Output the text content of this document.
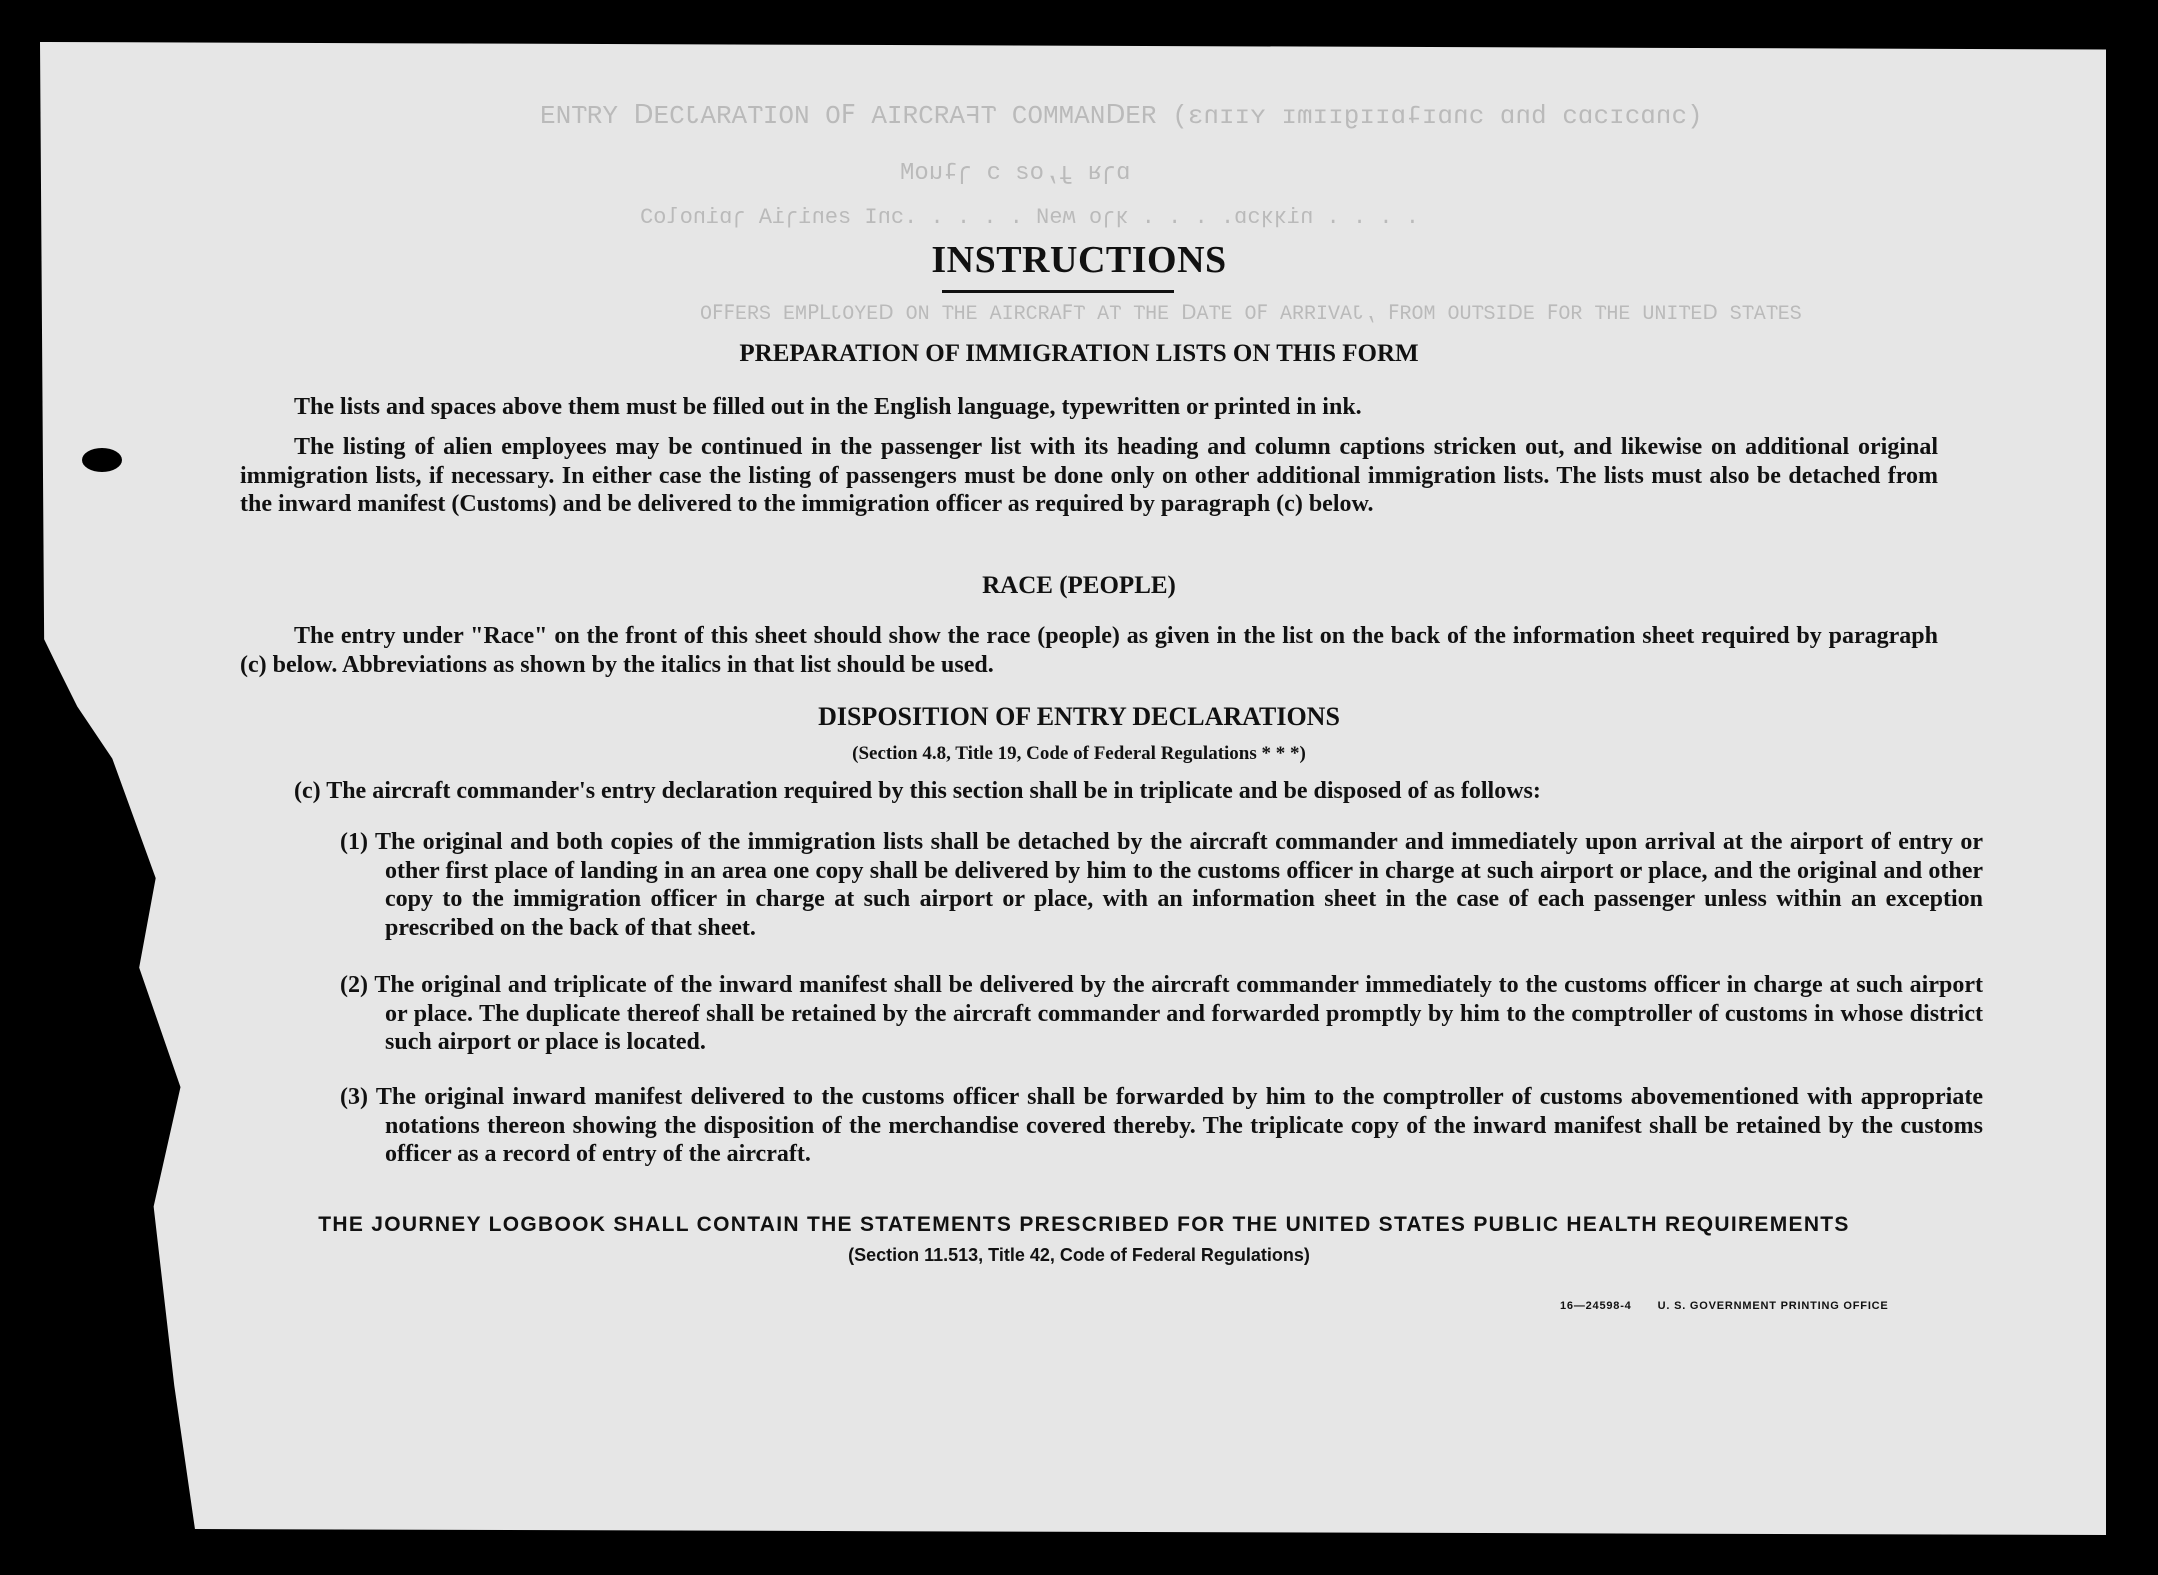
(ɔnɒɔɪɔɒɔ bnɒ ɔnɒɪʇɒɪɪgɪɪmɪ ʏɪɪnɜ) ЯƎᗡИAMMOƆ ƬFAЯƆЯIA ꟻO ИOIƬAЯAJƆƎᗡ YЯƬИƎ
ɒɿᴚ ɟ,oƨ ɔ ɿʇuoM
. . . . niʞʞɔɒ. . . . ʞɿo ʍɘИ . . . . .ɔnI ƨɘniɿiA ɿɒinoloƆ
ƧƎƬAƬƧ ᗡƎƬIИU ƎHƬ ЯOꟻ ƎᗡIƧƬUO MOЯꟻ ,JAVIЯЯA ꟻO ƎƬAᗡ ƎHƬ ƬA ƬꟻAЯƆЯIA ƎHƬ ИO ᗡƎYOJ⅃ꟼMƎ ƧЯƎꟻꟻO
INSTRUCTIONS

PREPARATION OF IMMIGRATION LISTS ON THIS FORM

The lists and spaces above them must be filled out in the English language, typewritten or printed in ink.

The listing of alien employees may be continued in the passenger list with its heading and column captions stricken out, and likewise on additional original immigration lists, if necessary. In either case the listing of passengers must be done only on other additional immigration lists. The lists must also be detached from the inward manifest (Customs) and be delivered to the immigration officer as required by paragraph (c) below.

RACE (PEOPLE)

The entry under "Race" on the front of this sheet should show the race (people) as given in the list on the back of the information sheet required by paragraph (c) below. Abbreviations as shown by the italics in that list should be used.

DISPOSITION OF ENTRY DECLARATIONS

(Section 4.8, Title 19, Code of Federal Regulations * * *)

(c) The aircraft commander's entry declaration required by this section shall be in triplicate and be disposed of as follows:

(1) The original and both copies of the immigration lists shall be detached by the aircraft commander and immediately upon arrival at the airport of entry or other first place of landing in an area one copy shall be delivered by him to the customs officer in charge at such airport or place, and the original and other copy to the immigration officer in charge at such airport or place, with an information sheet in the case of each passenger unless within an exception prescribed on the back of that sheet.

(2) The original and triplicate of the inward manifest shall be delivered by the aircraft commander immediately to the customs officer in charge at such airport or place. The duplicate thereof shall be retained by the aircraft commander and forwarded promptly by him to the comptroller of customs in whose district such airport or place is located.

(3) The original inward manifest delivered to the customs officer shall be forwarded by him to the comptroller of customs abovementioned with appropriate notations thereon showing the disposition of the merchandise covered thereby. The triplicate copy of the inward manifest shall be retained by the customs officer as a record of entry of the aircraft.

THE JOURNEY LOGBOOK SHALL CONTAIN THE STATEMENTS PRESCRIBED FOR THE UNITED STATES PUBLIC HEALTH REQUIREMENTS

(Section 11.513, Title 42, Code of Federal Regulations)

16—24598-4 U. S. GOVERNMENT PRINTING OFFICE
